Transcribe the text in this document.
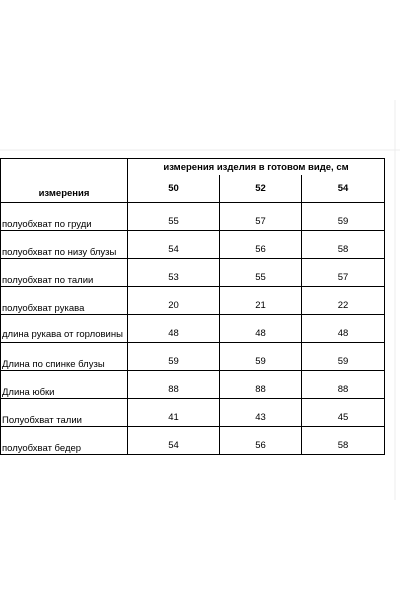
измерения	измерения изделия в готовом виде, см		
	50	52	54
полуобхват по груди	55	57	59
полуобхват по низу блузы	54	56	58
полуобхват по талии	53	55	57
полуобхват рукава	20	21	22
длина рукава от горловины	48	48	48
Длина по спинке блузы	59	59	59
Длина юбки	88	88	88
Полуобхват талии	41	43	45
полуобхват бедер	54	56	58
